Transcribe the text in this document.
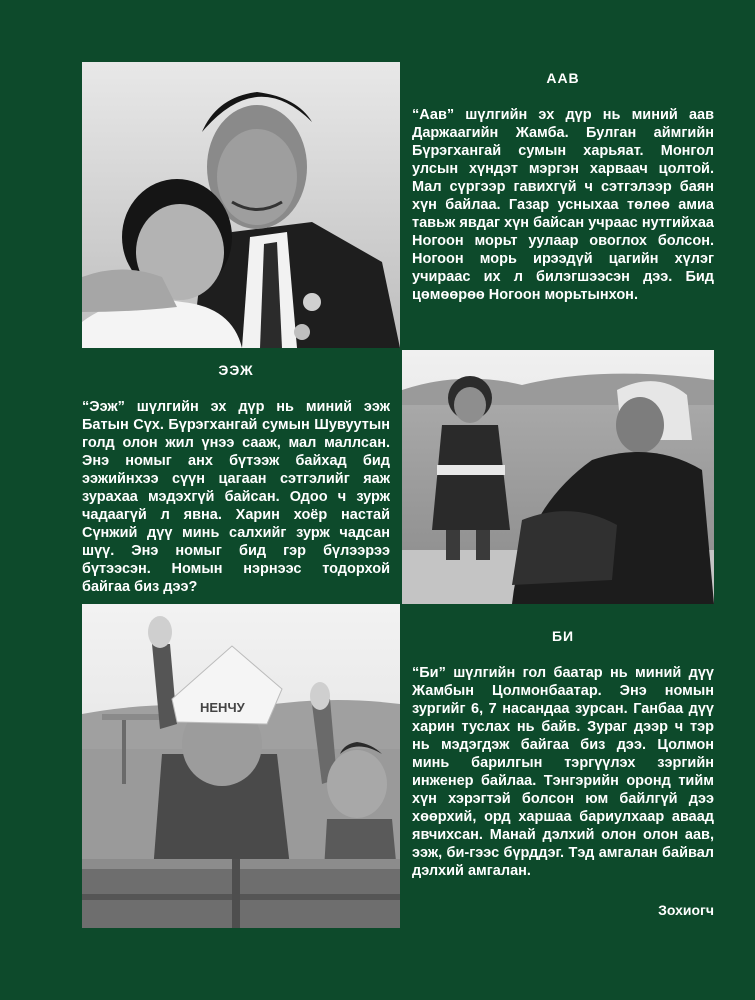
ААВ

“Аав” шүлгийн эх дүр нь миний аав Даржаагийн Жамба. Булган аймгийн Бүрэгхангай сумын харьяат. Монгол улсын хүндэт мэргэн харваач цолтой. Мал сүргээр гавихгүй ч сэтгэлээр баян хүн байлаа. Газар усныхаа төлөө амиа тавьж явдаг хүн байсан учраас нутгийхаа Ногоон морьт уулаар овоглох болсон. Ногоон морь ирээдүй цагийн хүлэг учираас их л билэгшээсэн дээ. Бид цөмөөрөө Ногоон морьтынхон.

ЭЭЖ

“Ээж” шүлгийн эх дүр нь миний ээж Батын Сүх. Бүрэгхангай сумын Шувуутын голд олон жил үнээ сааж, мал маллсан. Энэ номыг анх бүтээж байхад бид ээжийнхээ сүүн цагаан сэтгэлийг яаж зурахаа мэдэхгүй байсан. Одоо ч зурж чадаагүй л явна. Харин хоёр настай Сүнжий дүү минь салхийг зурж чадсан шүү. Энэ номыг бид гэр бүлээрээ бүтээсэн. Номын нэрнээс тодорхой байгаа биз дээ?

НЕНЧУ

БИ

“Би” шүлгийн гол баатар нь миний дүү Жамбын Цолмонбаатар. Энэ номын зургийг 6, 7 насандаа зурсан. Ганбаа дүү харин туслах нь байв. Зураг дээр ч тэр нь мэдэгдэж байгаа биз дээ. Цолмон минь барилгын тэргүүлэх зэргийн инженер байлаа. Тэнгэрийн оронд тийм хүн хэрэгтэй болсон юм байлгүй дээ хөөрхий, орд харшаа бариулхаар аваад явчихсан. Манай дэлхий олон олон аав, ээж, би-гээс бүрддэг. Тэд амгалан байвал дэлхий амгалан.

Зохиогч
